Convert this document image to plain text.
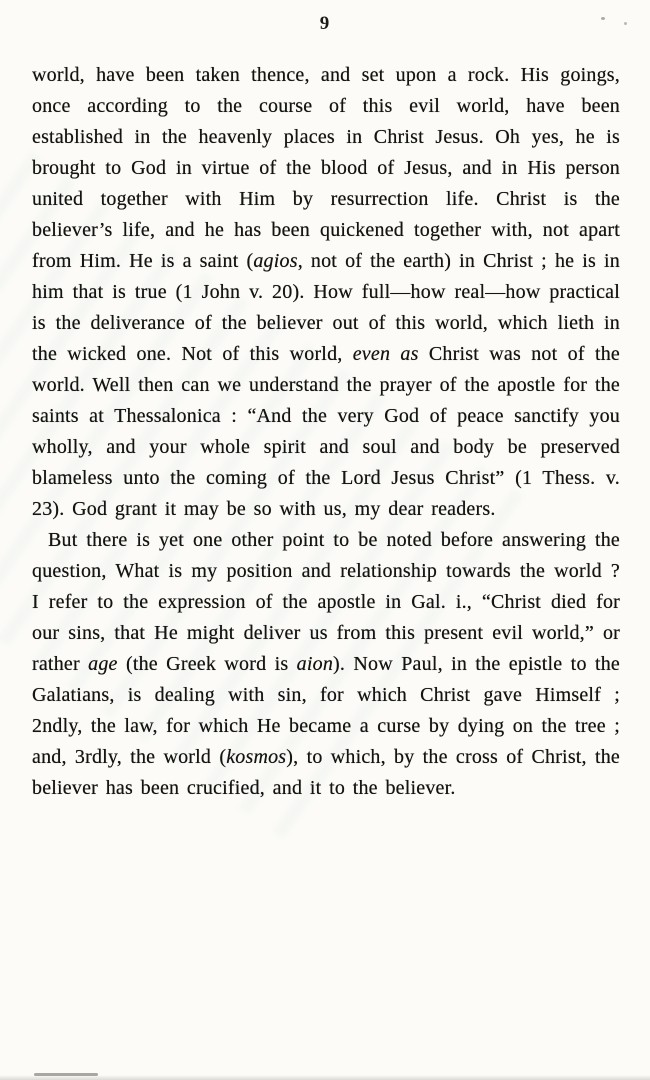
9

world, have been taken thence, and set upon a rock. His goings, once according to the course of this evil world, have been established in the heavenly places in Christ Jesus. Oh yes, he is brought to God in virtue of the blood of Jesus, and in His person united together with Him by resurrection life. Christ is the believer’s life, and he has been quickened together with, not apart from Him. He is a saint (agios, not of the earth) in Christ ; he is in him that is true (1 John v. 20). How full—how real—how practical is the deliverance of the believer out of this world, which lieth in the wicked one. Not of this world, even as Christ was not of the world. Well then can we understand the prayer of the apostle for the saints at Thessalonica : “And the very God of peace sanctify you wholly, and your whole spirit and soul and body be preserved blameless unto the coming of the Lord Jesus Christ” (1 Thess. v. 23). God grant it may be so with us, my dear readers.

But there is yet one other point to be noted before answering the question, What is my position and relationship towards the world ? I refer to the expression of the apostle in Gal. i., “Christ died for our sins, that He might deliver us from this present evil world,” or rather age (the Greek word is aion). Now Paul, in the epistle to the Galatians, is dealing with sin, for which Christ gave Himself ; 2ndly, the law, for which He became a curse by dying on the tree ; and, 3rdly, the world (kosmos), to which, by the cross of Christ, the believer has been crucified, and it to the believer.
